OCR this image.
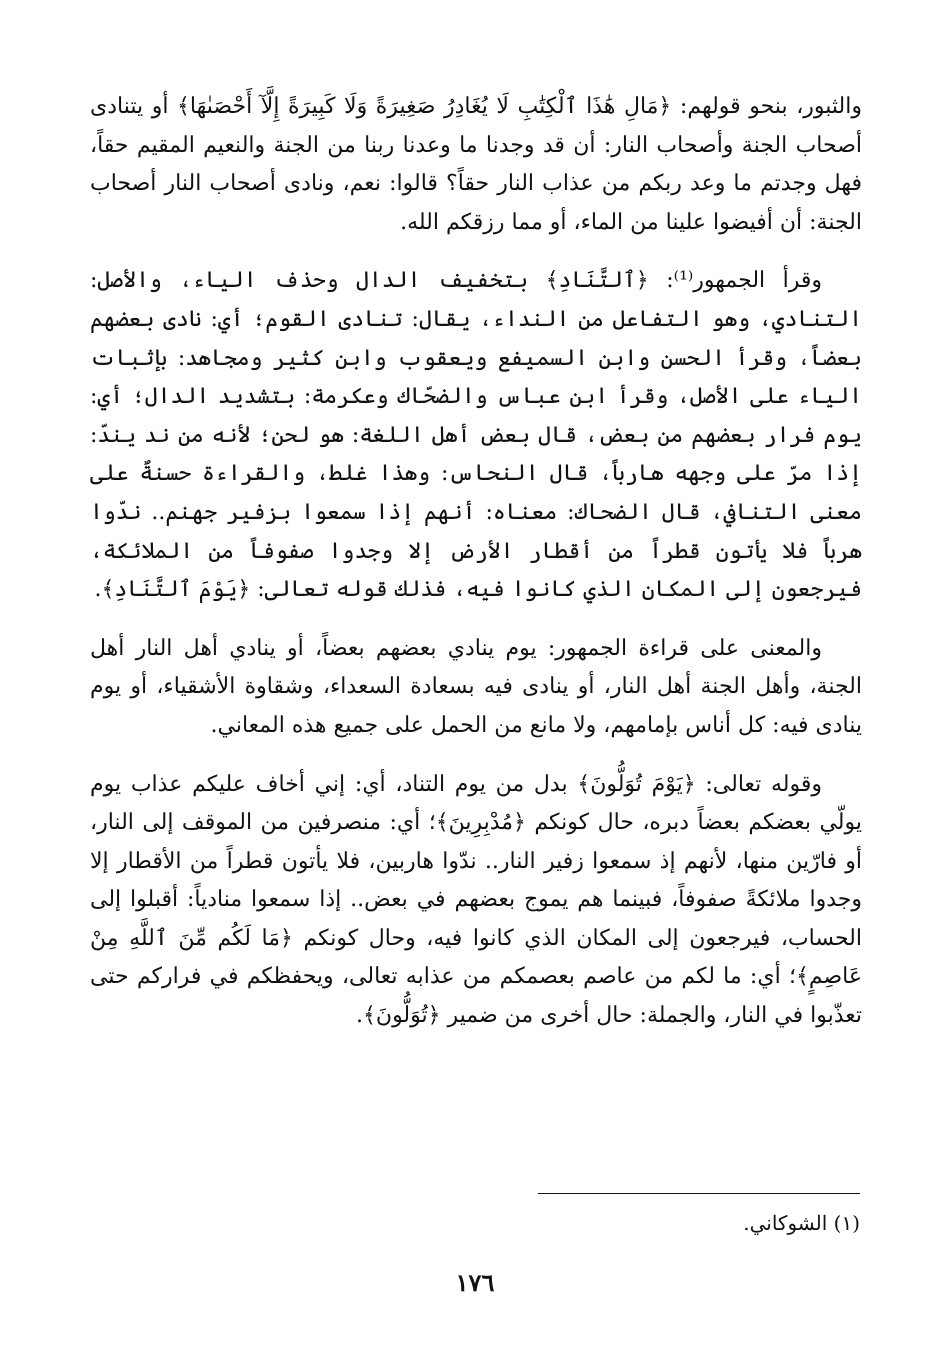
والثبور، بنحو قولهم: ﴿مَالِ هَٰذَا ٱلْكِتَٰبِ لَا يُغَادِرُ صَغِيرَةً وَلَا كَبِيرَةً إِلَّآ أَحْصَىٰهَا﴾ أو يتنادى أصحاب الجنة وأصحاب النار: أن قد وجدنا ما وعدنا ربنا من الجنة والنعيم المقيم حقاً، فهل وجدتم ما وعد ربكم من عذاب النار حقاً؟ قالوا: نعم، ونادى أصحاب النار أصحاب الجنة: أن أفيضوا علينا من الماء، أو مما رزقكم الله.

وقرأ الجمهور⁽¹⁾: ﴿ٱلتَّنَادِ﴾ بتخفيف الدال وحذف الياء، والأصل: التنادي، وهو التفاعل من النداء، يقال: تنادى القوم؛ أي: نادى بعضهم بعضاً، وقرأ الحسن وابن السميفع ويعقوب وابن كثير ومجاهد: بإثبات الياء على الأصل، وقرأ ابن عباس والضحّاك وعكرمة: بتشديد الدال؛ أي: يوم فرار بعضهم من بعض، قال بعض أهل اللغة: هو لحن؛ لأنه من ند يندّ: إذا مرّ على وجهه هارباً، قال النحاس: وهذا غلط، والقراءة حسنةٌ على معنى التنافي، قال الضحاك: معناه: أنهم إذا سمعوا بزفير جهنم.. ندّوا هرباً فلا يأتون قطراً من أقطار الأرض إلا وجدوا صفوفاً من الملائكة، فيرجعون إلى المكان الذي كانوا فيه، فذلك قوله تعالى: ﴿يَوْمَ ٱلتَّنَادِ﴾.

والمعنى على قراءة الجمهور: يوم ينادي بعضهم بعضاً، أو ينادي أهل النار أهل الجنة، وأهل الجنة أهل النار، أو ينادى فيه بسعادة السعداء، وشقاوة الأشقياء، أو يوم ينادى فيه: كل أناس بإمامهم، ولا مانع من الحمل على جميع هذه المعاني.

وقوله تعالى: ﴿يَوْمَ تُوَلُّونَ﴾ بدل من يوم التناد، أي: إني أخاف عليكم عذاب يوم يولّي بعضكم بعضاً دبره، حال كونكم ﴿مُدْبِرِينَ﴾؛ أي: منصرفين من الموقف إلى النار، أو فارّين منها، لأنهم إذ سمعوا زفير النار.. ندّوا هاربين، فلا يأتون قطراً من الأقطار إلا وجدوا ملائكةً صفوفاً، فبينما هم يموج بعضهم في بعض.. إذا سمعوا منادياً: أقبلوا إلى الحساب، فيرجعون إلى المكان الذي كانوا فيه، وحال كونكم ﴿مَا لَكُم مِّنَ ٱللَّهِ مِنْ عَاصِمٍ﴾؛ أي: ما لكم من عاصم بعصمكم من عذابه تعالى، ويحفظكم في فراركم حتى تعذّبوا في النار، والجملة: حال أخرى من ضمير ﴿تُوَلُّونَ﴾.

(١) الشوكاني.
١٧٦
